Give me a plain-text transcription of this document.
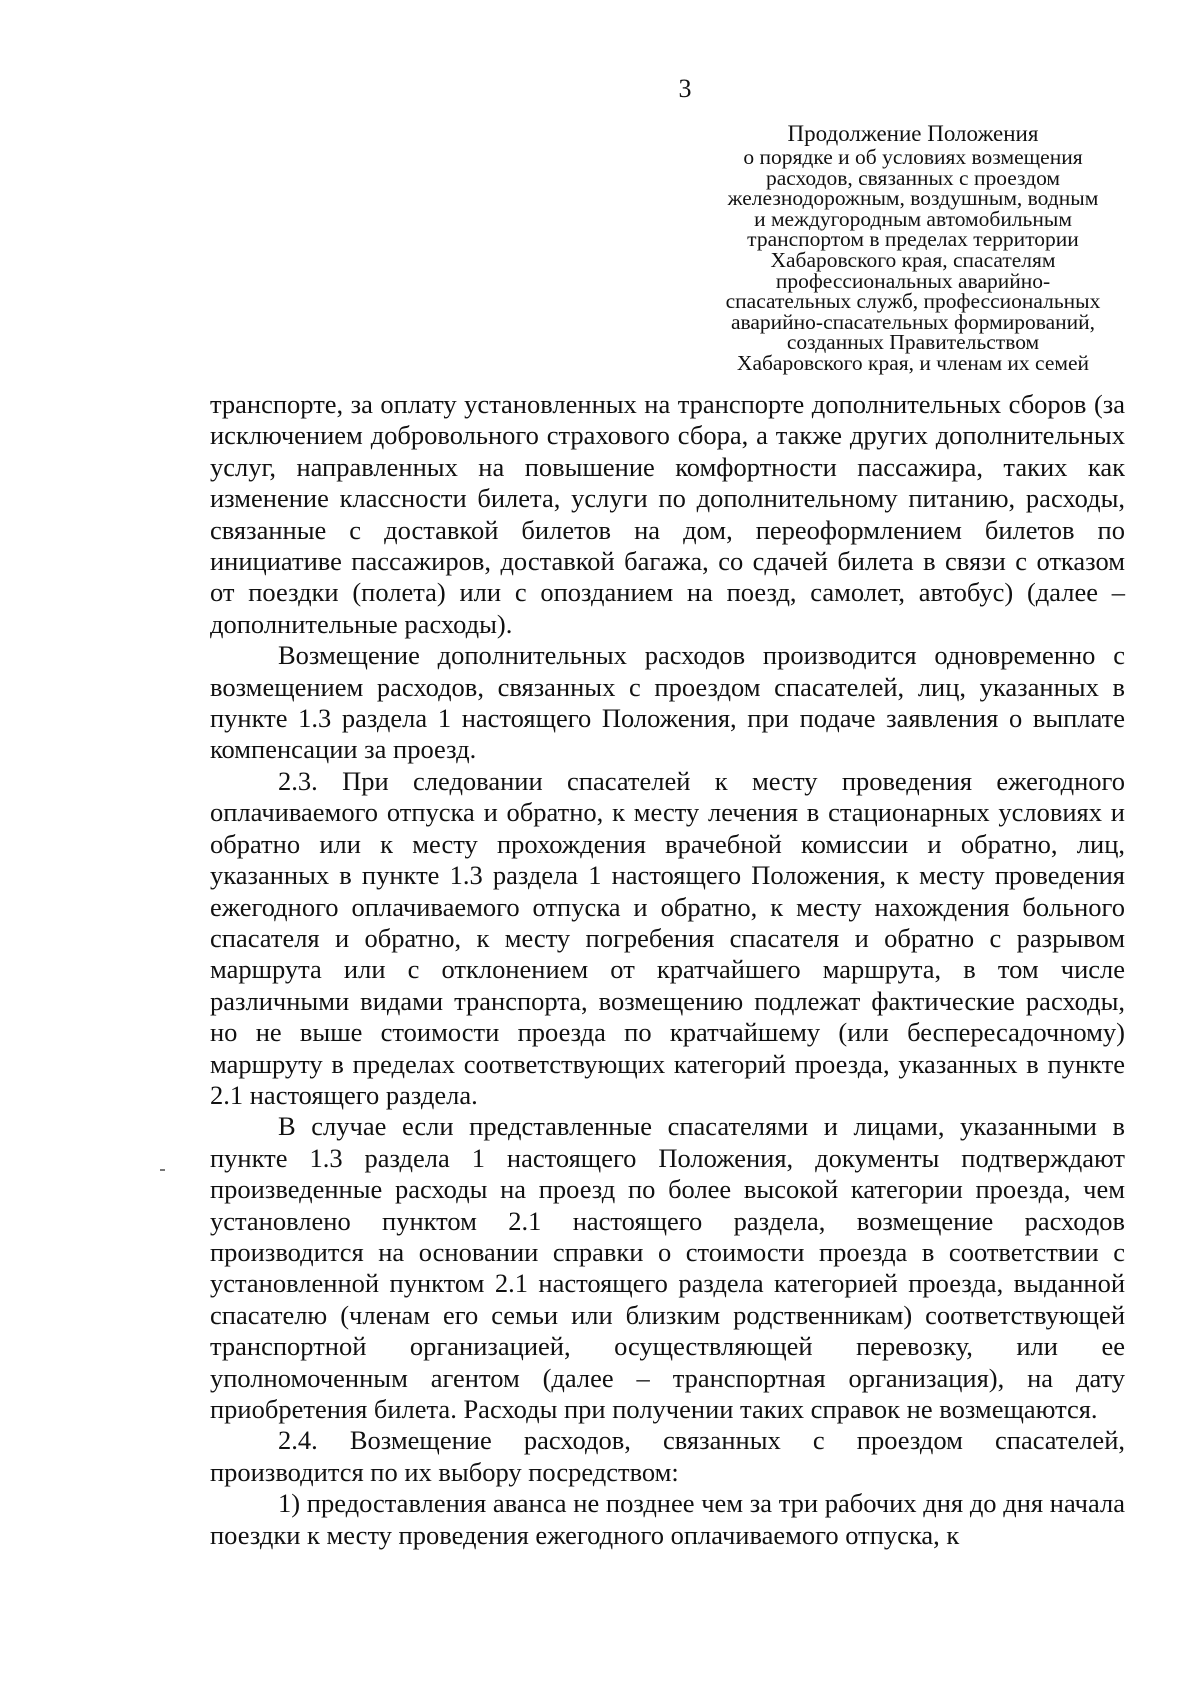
3
Продолжение Положения
о порядке и об условиях возмещения
расходов, связанных с проездом
железнодорожным, воздушным, водным
и междугородным автомобильным
транспортом в пределах территории
Хабаровского края, спасателям
профессиональных аварийно-
спасательных служб, профессиональных
аварийно-спасательных формирований,
созданных Правительством
Хабаровского края, и членам их семей

транспорте, за оплату установленных на транспорте дополнительных сборов (за исключением добровольного страхового сбора, а также других дополнительных услуг, направленных на повышение комфортности пассажира, таких как изменение классности билета, услуги по дополнительному питанию, расходы, связанные с доставкой билетов на дом, переоформлением билетов по инициативе пассажиров, доставкой багажа, со сдачей билета в связи с отказом от поездки (полета) или с опозданием на поезд, самолет, автобус) (далее – дополнительные расходы).

Возмещение дополнительных расходов производится одновременно с возмещением расходов, связанных с проездом спасателей, лиц, указанных в пункте 1.3 раздела 1 настоящего Положения, при подаче заявления о выплате компенсации за проезд.

2.3. При следовании спасателей к месту проведения ежегодного оплачиваемого отпуска и обратно, к месту лечения в стационарных условиях и обратно или к месту прохождения врачебной комиссии и обратно, лиц, указанных в пункте 1.3 раздела 1 настоящего Положения, к месту проведения ежегодного оплачиваемого отпуска и обратно, к месту нахождения больного спасателя и обратно, к месту погребения спасателя и обратно с разрывом маршрута или с отклонением от кратчайшего маршрута, в том числе различными видами транспорта, возмещению подлежат фактические расходы, но не выше стоимости проезда по кратчайшему (или беспересадочному) маршруту в пределах соответствующих категорий проезда, указанных в пункте 2.1 настоящего раздела.

В случае если представленные спасателями и лицами, указанными в пункте 1.3 раздела 1 настоящего Положения, документы подтверждают произведенные расходы на проезд по более высокой категории проезда, чем установлено пунктом 2.1 настоящего раздела, возмещение расходов производится на основании справки о стоимости проезда в соответствии с установленной пунктом 2.1 настоящего раздела категорией проезда, выданной спасателю (членам его семьи или близким родственникам) соответствующей транспортной организацией, осуществляющей перевозку, или ее уполномоченным агентом (далее – транспортная организация), на дату приобретения билета. Расходы при получении таких справок не возмещаются.

2.4. Возмещение расходов, связанных с проездом спасателей, производится по их выбору посредством:

1) предоставления аванса не позднее чем за три рабочих дня до дня начала поездки к месту проведения ежегодного оплачиваемого отпуска, к
